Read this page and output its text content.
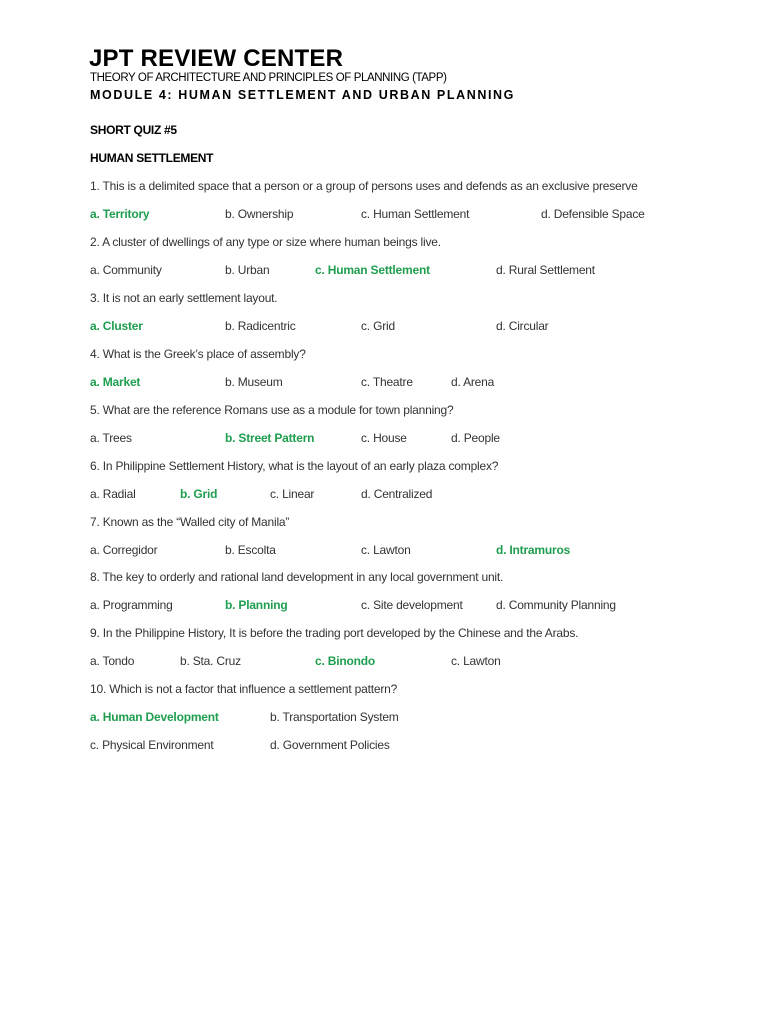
JPT REVIEW CENTER
THEORY OF ARCHITECTURE AND PRINCIPLES OF PLANNING (TAPP)
MODULE 4: HUMAN SETTLEMENT AND URBAN PLANNING
SHORT QUIZ #5
HUMAN SETTLEMENT
1. This is a delimited space that a person or a group of persons uses and defends as an exclusive preserve
a. Territory	b. Ownership	c. Human Settlement	d. Defensible Space
2. A cluster of dwellings of any type or size where human beings live.
a. Community	b. Urban	c. Human Settlement	d. Rural Settlement
3. It is not an early settlement layout.
a. Cluster	b. Radicentric	c. Grid	d. Circular
4. What is the Greek’s place of assembly?
a. Market	b. Museum	c. Theatre	d. Arena
5. What are the reference Romans use as a module for town planning?
a. Trees	b. Street Pattern	c. House	d. People
6. In Philippine Settlement History, what is the layout of an early plaza complex?
a. Radial	b. Grid	c. Linear	d. Centralized
7. Known as the “Walled city of Manila”
a. Corregidor	b. Escolta	c. Lawton	d. Intramuros
8. The key to orderly and rational land development in any local government unit.
a. Programming	b. Planning	c. Site development	d. Community Planning
9. In the Philippine History, It is before the trading port developed by the Chinese and the Arabs.
a. Tondo	b. Sta. Cruz	c. Binondo	c. Lawton
10. Which is not a factor that influence a settlement pattern?
a. Human Development	b. Transportation System
c. Physical Environment	d. Government Policies
